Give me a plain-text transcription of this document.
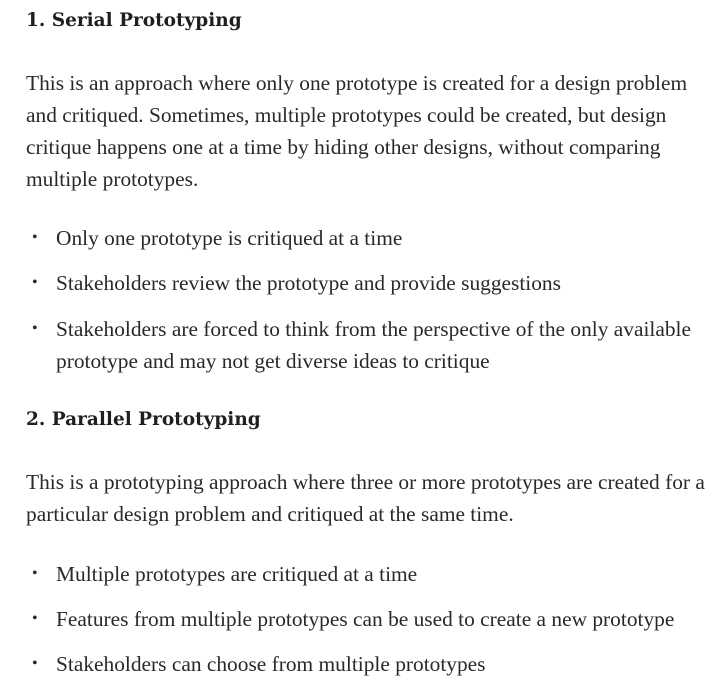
1. Serial Prototyping

This is an approach where only one prototype is created for a design problem and critiqued. Sometimes, multiple prototypes could be created, but design critique happens one at a time by hiding other designs, without comparing multiple prototypes.

• Only one prototype is critiqued at a time
• Stakeholders review the prototype and provide suggestions
• Stakeholders are forced to think from the perspective of the only available prototype and may not get diverse ideas to critique
2. Parallel Prototyping

This is a prototyping approach where three or more prototypes are created for a particular design problem and critiqued at the same time.

• Multiple prototypes are critiqued at a time
• Features from multiple prototypes can be used to create a new prototype
• Stakeholders can choose from multiple prototypes
